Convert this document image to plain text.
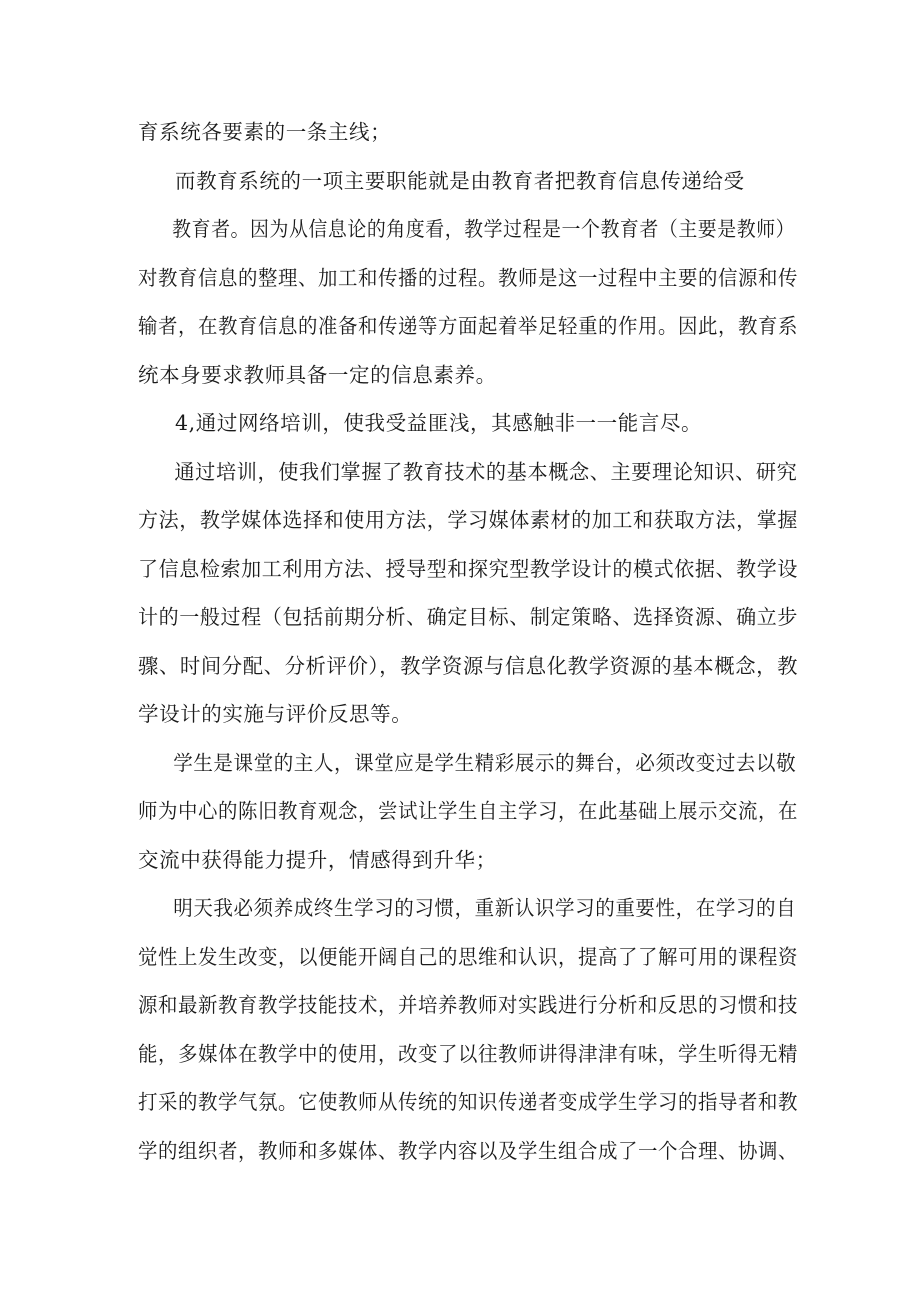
育系统各要素的一条主线；
而教育系统的一项主要职能就是由教育者把教育信息传递给受
教育者。因为从信息论的角度看，教学过程是一个教育者（主要是教师）
对教育信息的整理、加工和传播的过程。教师是这一过程中主要的信源和传
输者，在教育信息的准备和传递等方面起着举足轻重的作用。因此，教育系
统本身要求教师具备一定的信息素养。
4,通过网络培训，使我受益匪浅，其感触非一一能言尽。
通过培训，使我们掌握了教育技术的基本概念、主要理论知识、研究
方法，教学媒体选择和使用方法，学习媒体素材的加工和获取方法，掌握
了信息检索加工利用方法、授导型和探究型教学设计的模式依据、教学设
计的一般过程（包括前期分析、确定目标、制定策略、选择资源、确立步
骤、时间分配、分析评价），教学资源与信息化教学资源的基本概念，教
学设计的实施与评价反思等。
学生是课堂的主人，课堂应是学生精彩展示的舞台，必须改变过去以敬
师为中心的陈旧教育观念，尝试让学生自主学习，在此基础上展示交流，在
交流中获得能力提升，情感得到升华；
明天我必须养成终生学习的习惯，重新认识学习的重要性，在学习的自
觉性上发生改变，以便能开阔自己的思维和认识，提高了了解可用的课程资
源和最新教育教学技能技术，并培养教师对实践进行分析和反思的习惯和技
能，多媒体在教学中的使用，改变了以往教师讲得津津有味，学生听得无精
打采的教学气氛。它使教师从传统的知识传递者变成学生学习的指导者和教
学的组织者，教师和多媒体、教学内容以及学生组合成了一个合理、协调、
